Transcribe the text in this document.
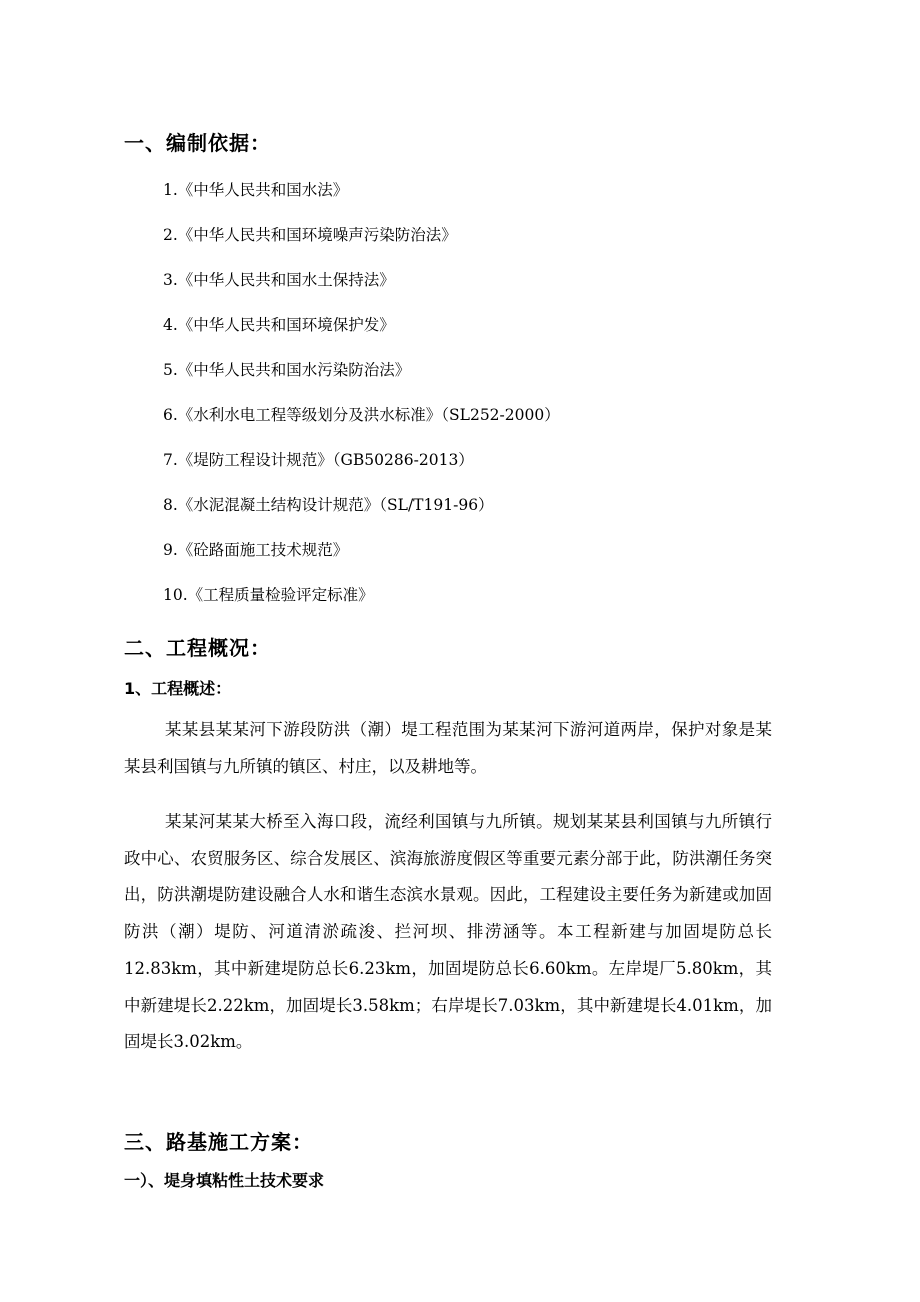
一、编制依据：
1.《中华人民共和国水法》
2.《中华人民共和国环境噪声污染防治法》
3.《中华人民共和国水土保持法》
4.《中华人民共和国环境保护发》
5.《中华人民共和国水污染防治法》
6.《水利水电工程等级划分及洪水标准》（SL252-2000）
7.《堤防工程设计规范》（GB50286-2013）
8.《水泥混凝土结构设计规范》（SL/T191-96）
9.《砼路面施工技术规范》
10.《工程质量检验评定标准》
二、工程概况：
1、工程概述：

某某县某某河下游段防洪（潮）堤工程范围为某某河下游河道两岸，保护对象是某某县利国镇与九所镇的镇区、村庄，以及耕地等。

某某河某某大桥至入海口段，流经利国镇与九所镇。规划某某县利国镇与九所镇行政中心、农贸服务区、综合发展区、滨海旅游度假区等重要元素分部于此，防洪潮任务突出，防洪潮堤防建设融合人水和谐生态滨水景观。因此，工程建设主要任务为新建或加固防洪（潮）堤防、河道清淤疏浚、拦河坝、排涝涵等。本工程新建与加固堤防总长12.83km，其中新建堤防总长6.23km，加固堤防总长6.60km。左岸堤厂5.80km，其中新建堤长2.22km，加固堤长3.58km；右岸堤长7.03km，其中新建堤长4.01km，加固堤长3.02km。

三、路基施工方案：
一）、堤身填粘性土技术要求
